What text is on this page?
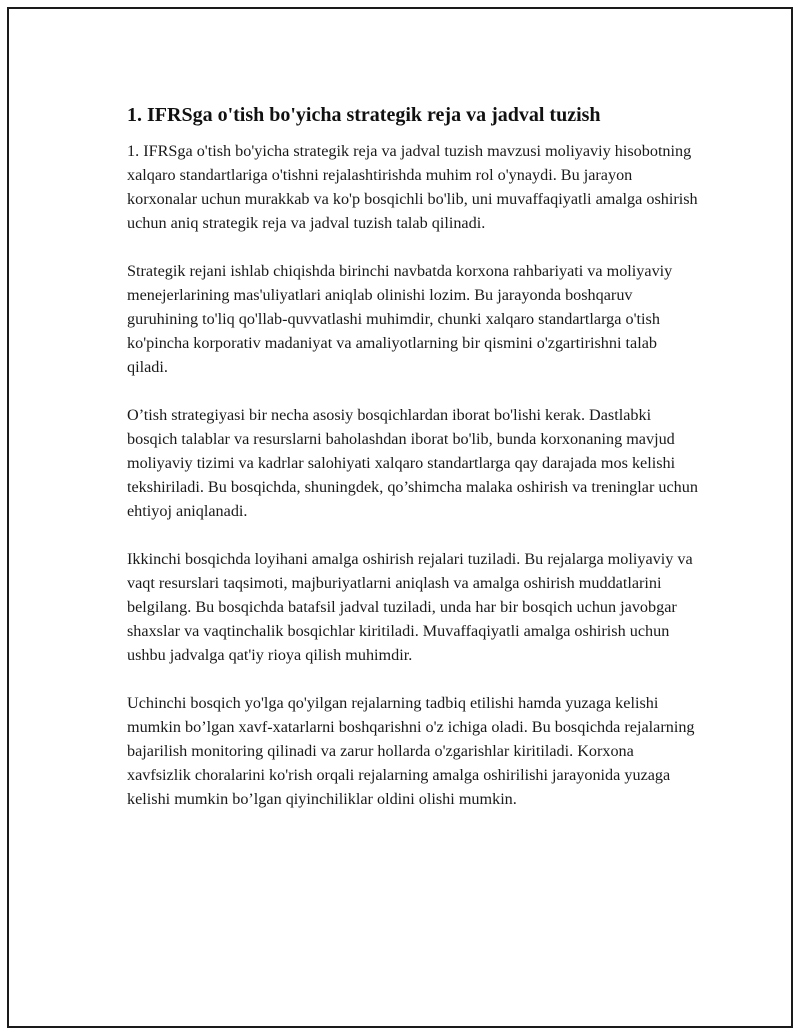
1. IFRSga o'tish bo'yicha strategik reja va jadval tuzish

1. IFRSga o'tish bo'yicha strategik reja va jadval tuzish mavzusi moliyaviy hisobotning xalqaro standartlariga o'tishni rejalashtirishda muhim rol o'ynaydi. Bu jarayon korxonalar uchun murakkab va ko'p bosqichli bo'lib, uni muvaffaqiyatli amalga oshirish uchun aniq strategik reja va jadval tuzish talab qilinadi.

Strategik rejani ishlab chiqishda birinchi navbatda korxona rahbariyati va moliyaviy menejerlarining mas'uliyatlari aniqlab olinishi lozim. Bu jarayonda boshqaruv guruhining to'liq qo'llab-quvvatlashi muhimdir, chunki xalqaro standartlarga o'tish ko'pincha korporativ madaniyat va amaliyotlarning bir qismini o'zgartirishni talab qiladi.

O’tish strategiyasi bir necha asosiy bosqichlardan iborat bo'lishi kerak. Dastlabki bosqich talablar va resurslarni baholashdan iborat bo'lib, bunda korxonaning mavjud moliyaviy tizimi va kadrlar salohiyati xalqaro standartlarga qay darajada mos kelishi tekshiriladi. Bu bosqichda, shuningdek, qo’shimcha malaka oshirish va treninglar uchun ehtiyoj aniqlanadi.

Ikkinchi bosqichda loyihani amalga oshirish rejalari tuziladi. Bu rejalarga moliyaviy va vaqt resurslari taqsimoti, majburiyatlarni aniqlash va amalga oshirish muddatlarini belgilang. Bu bosqichda batafsil jadval tuziladi, unda har bir bosqich uchun javobgar shaxslar va vaqtinchalik bosqichlar kiritiladi. Muvaffaqiyatli amalga oshirish uchun ushbu jadvalga qat'iy rioya qilish muhimdir.

Uchinchi bosqich yo'lga qo'yilgan rejalarning tadbiq etilishi hamda yuzaga kelishi mumkin bo’lgan xavf-xatarlarni boshqarishni o'z ichiga oladi. Bu bosqichda rejalarning bajarilish monitoring qilinadi va zarur hollarda o'zgarishlar kiritiladi. Korxona xavfsizlik choralarini ko'rish orqali rejalarning amalga oshirilishi jarayonida yuzaga kelishi mumkin bo’lgan qiyinchiliklar oldini olishi mumkin.
